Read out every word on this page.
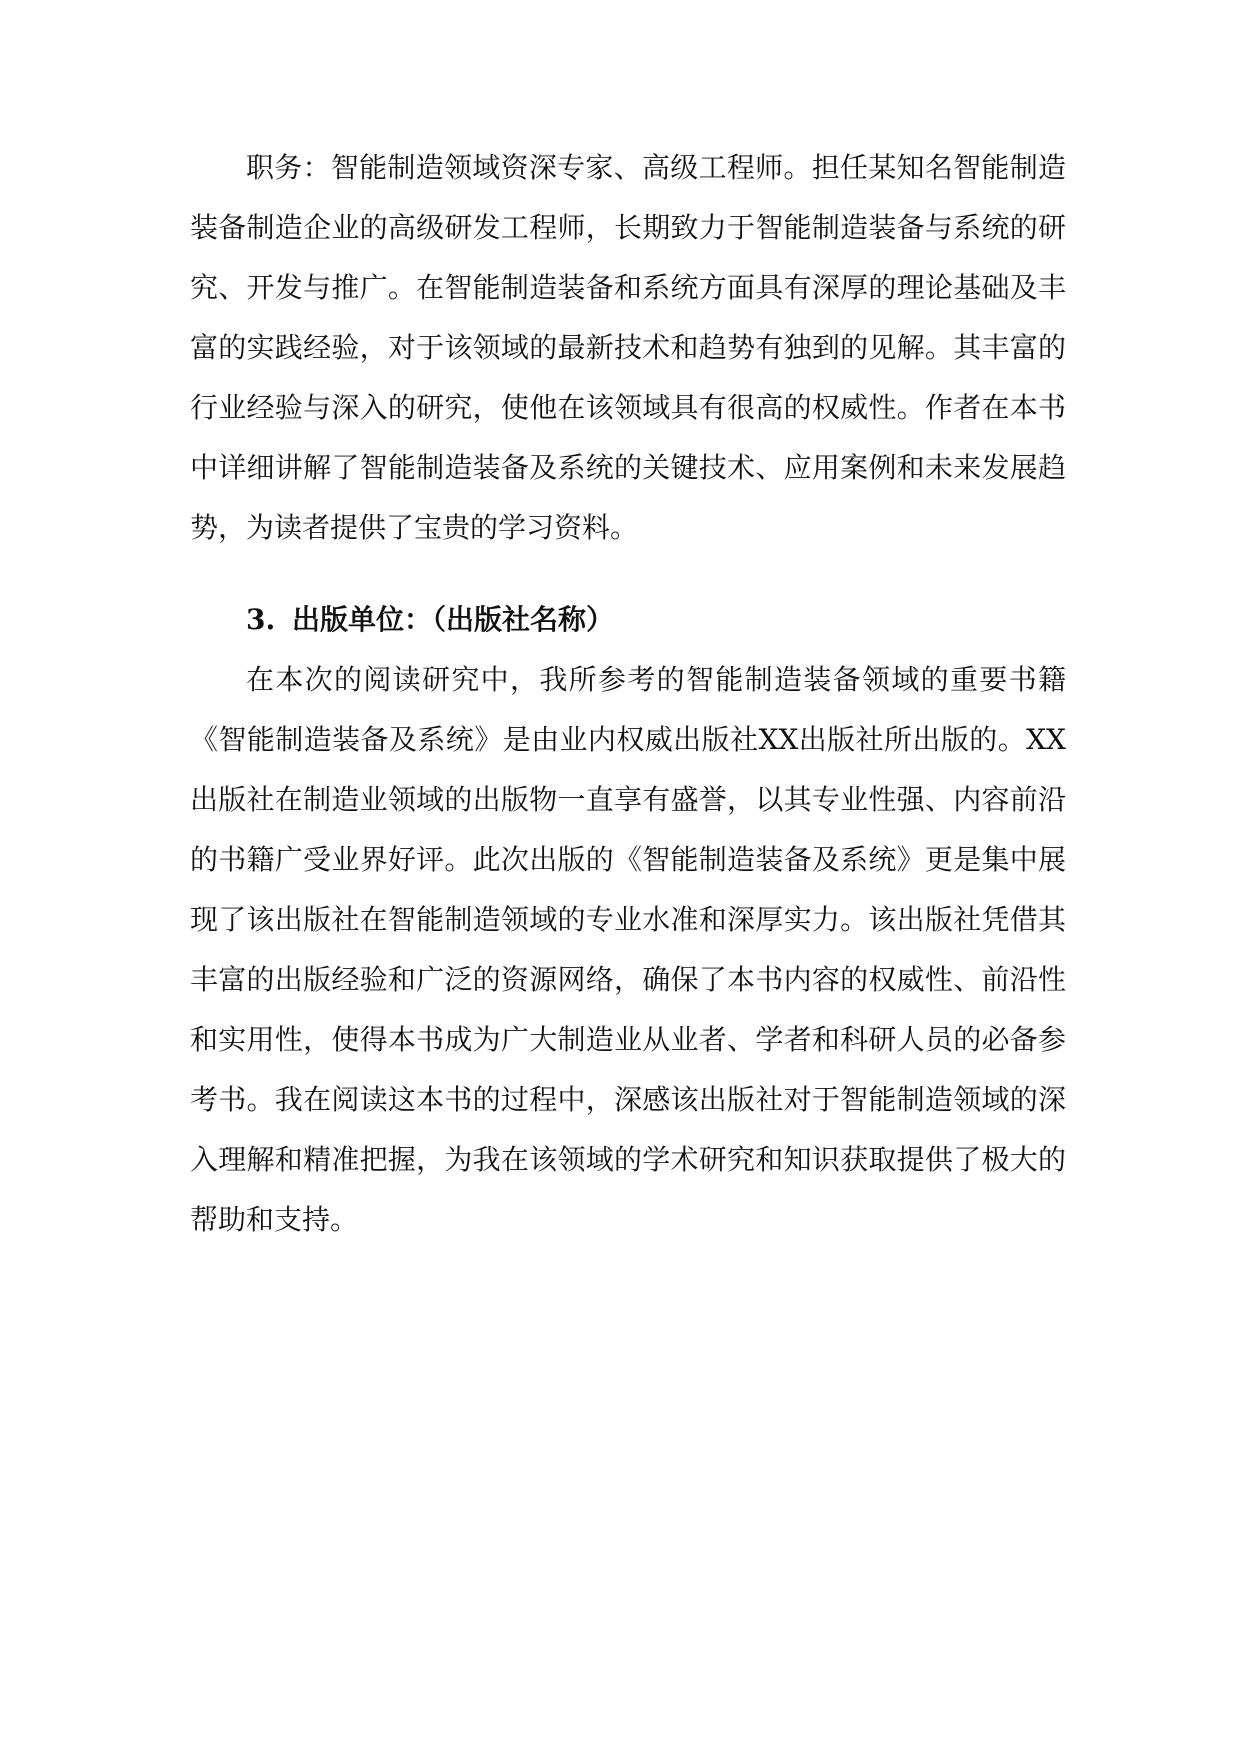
职务：智能制造领域资深专家、高级工程师。担任某知名智能制造装备制造企业的高级研发工程师，长期致力于智能制造装备与系统的研究、开发与推广。在智能制造装备和系统方面具有深厚的理论基础及丰富的实践经验，对于该领域的最新技术和趋势有独到的见解。其丰富的行业经验与深入的研究，使他在该领域具有很高的权威性。作者在本书中详细讲解了智能制造装备及系统的关键技术、应用案例和未来发展趋势，为读者提供了宝贵的学习资料。

3. 出版单位：（出版社名称）

在本次的阅读研究中，我所参考的智能制造装备领域的重要书籍《智能制造装备及系统》是由业内权威出版社XX出版社所出版的。XX出版社在制造业领域的出版物一直享有盛誉，以其专业性强、内容前沿的书籍广受业界好评。此次出版的《智能制造装备及系统》更是集中展现了该出版社在智能制造领域的专业水准和深厚实力。该出版社凭借其丰富的出版经验和广泛的资源网络，确保了本书内容的权威性、前沿性和实用性，使得本书成为广大制造业从业者、学者和科研人员的必备参考书。我在阅读这本书的过程中，深感该出版社对于智能制造领域的深入理解和精准把握，为我在该领域的学术研究和知识获取提供了极大的帮助和支持。
